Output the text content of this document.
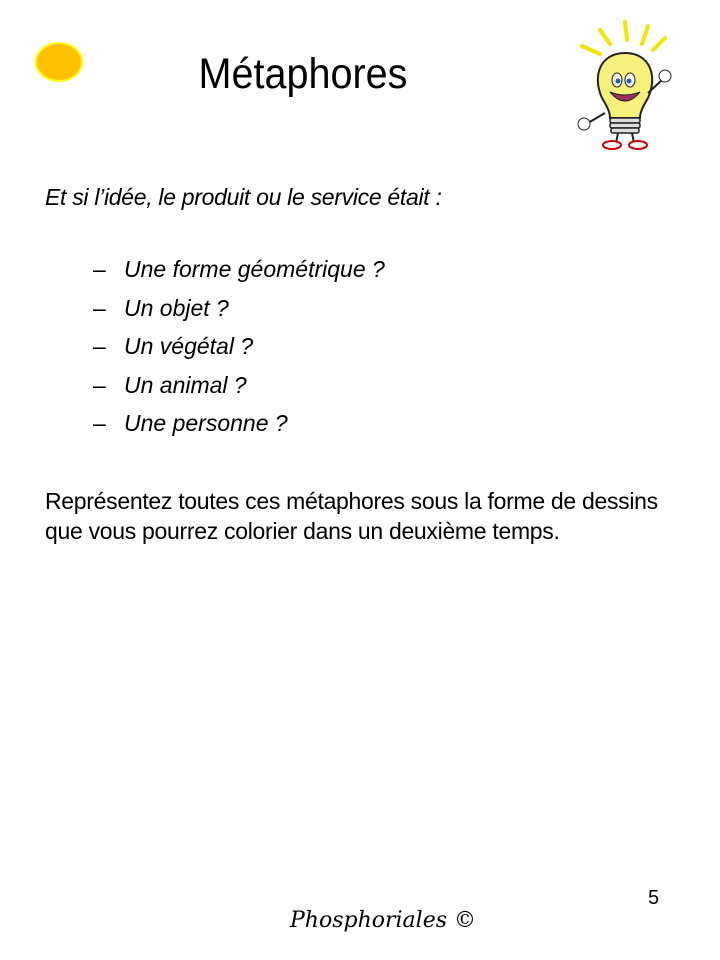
Métaphores
Et si l’idée, le produit ou le service était :
– Une forme géométrique ?
– Un objet ?
– Un végétal ?
– Un animal ?
– Une personne ?
Représentez toutes ces métaphores sous la forme de dessins que vous pourrez colorier dans un deuxième temps.
5
Phosphoriales ©
